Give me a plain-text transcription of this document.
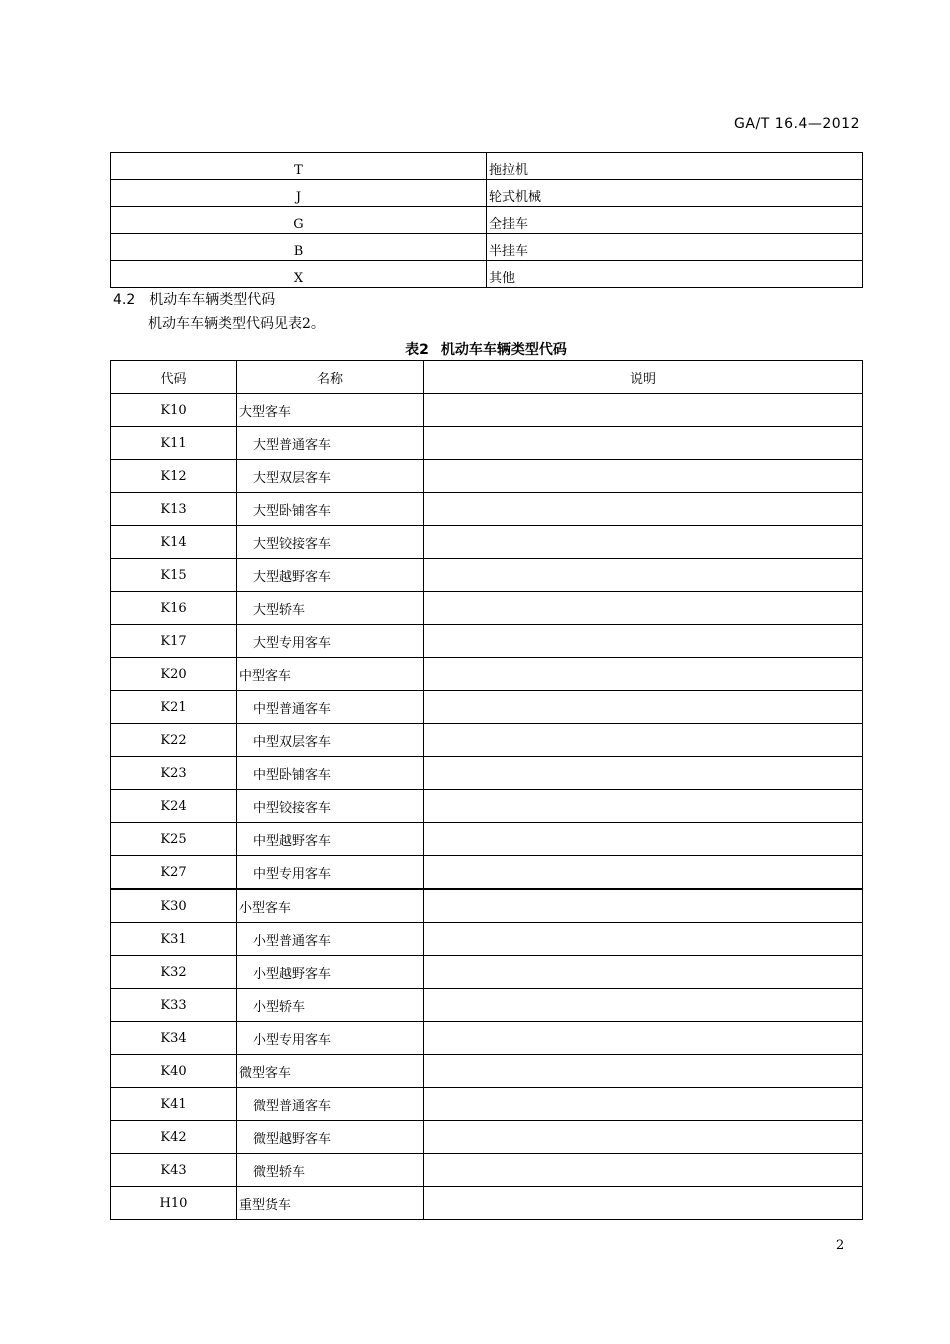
GA/T 16.4—2012
T	拖拉机
J	轮式机械
G	全挂车
B	半挂车
X	其他
4.2 机动车车辆类型代码
机动车车辆类型代码见表2。
表2 机动车车辆类型代码
代码	名称	说明
K10	大型客车	
K11	大型普通客车	
K12	大型双层客车	
K13	大型卧铺客车	
K14	大型铰接客车	
K15	大型越野客车	
K16	大型轿车	
K17	大型专用客车	
K20	中型客车	
K21	中型普通客车	
K22	中型双层客车	
K23	中型卧铺客车	
K24	中型铰接客车	
K25	中型越野客车	
K27	中型专用客车	
K30	小型客车	
K31	小型普通客车	
K32	小型越野客车	
K33	小型轿车	
K34	小型专用客车	
K40	微型客车	
K41	微型普通客车	
K42	微型越野客车	
K43	微型轿车	
H10	重型货车	
2
